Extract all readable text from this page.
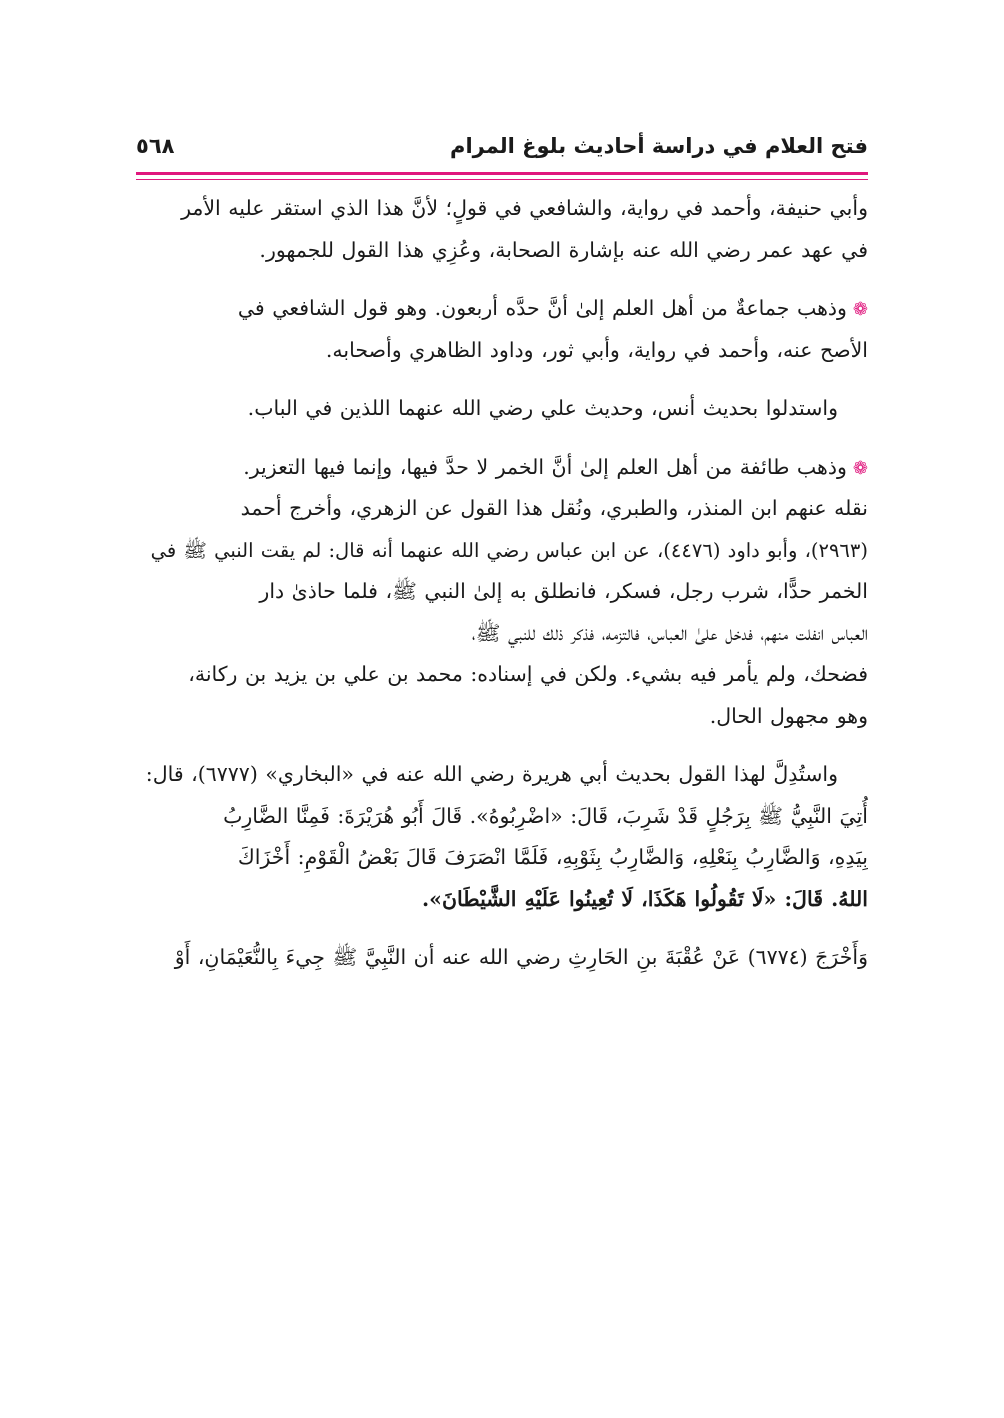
فتح العلام في دراسة أحاديث بلوغ المرام
٥٦٨
وأبي حنيفة، وأحمد في رواية، والشافعي في قولٍ؛ لأنَّ هذا الذي استقر عليه الأمر
في عهد عمر رضي الله عنه بإشارة الصحابة، وعُزِي هذا القول للجمهور.
❁وذهب جماعةٌ من أهل العلم إلىٰ أنَّ حدَّه أربعون. وهو قول الشافعي في
الأصح عنه، وأحمد في رواية، وأبي ثور، وداود الظاهري وأصحابه.
واستدلوا بحديث أنس، وحديث علي رضي الله عنهما اللذين في الباب.
❁وذهب طائفة من أهل العلم إلىٰ أنَّ الخمر لا حدَّ فيها، وإنما فيها التعزير.
نقله عنهم ابن المنذر، والطبري، ونُقل هذا القول عن الزهري، وأخرج أحمد
(٢٩٦٣)، وأبو داود (٤٤٧٦)، عن ابن عباس رضي الله عنهما أنه قال: لم يقت النبي ﷺ في
الخمر حدًّا، شرب رجل، فسكر، فانطلق به إلىٰ النبي ﷺ، فلما حاذىٰ دار
العباس انفلت منهم، فدخل علىٰ العباس، فالتزمه، فذكر ذلك للنبي ﷺ،
فضحك، ولم يأمر فيه بشيء. ولكن في إسناده: محمد بن علي بن يزيد بن ركانة،
وهو مجهول الحال.
واستُدِلَّ لهذا القول بحديث أبي هريرة رضي الله عنه في «البخاري» (٦٧٧٧)، قال:
أُتِيَ النَّبِيُّ ﷺ بِرَجُلٍ قَدْ شَرِبَ، قَالَ: «اضْرِبُوهُ». قَالَ أَبُو هُرَيْرَةَ: فَمِنَّا الضَّارِبُ
بِيَدِهِ، وَالضَّارِبُ بِنَعْلِهِ، وَالضَّارِبُ بِثَوْبِهِ، فَلَمَّا انْصَرَفَ قَالَ بَعْضُ الْقَوْمِ: أَخْزَاكَ
اللهُ. قَالَ: «لَا تَقُولُوا هَكَذَا، لَا تُعِينُوا عَلَيْهِ الشَّيْطَانَ».
وَأَخْرَجَ (٦٧٧٤) عَنْ عُقْبَةَ بنِ الحَارِثِ رضي الله عنه أن النَّبِيَّ ﷺ جِيءَ بِالنُّعَيْمَانِ، أَوْ
